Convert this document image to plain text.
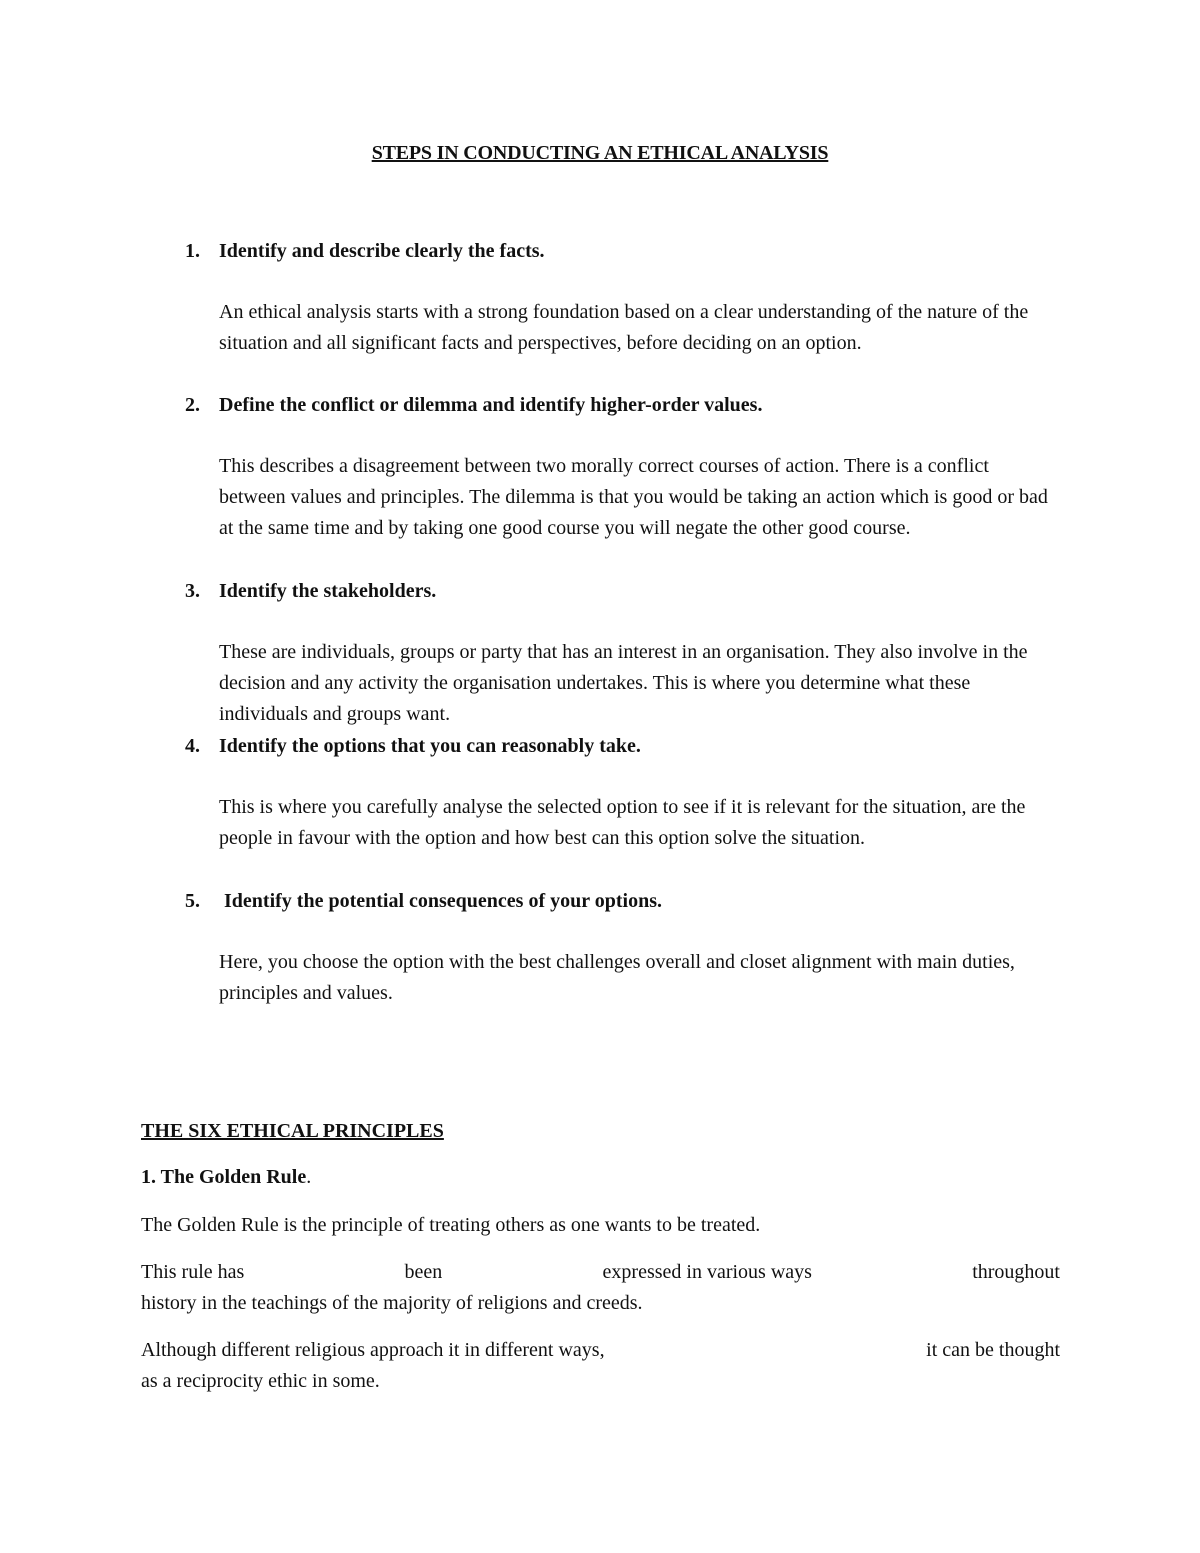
STEPS IN CONDUCTING AN ETHICAL ANALYSIS
1. Identify and describe clearly the facts.
An ethical analysis starts with a strong foundation based on a clear understanding of the nature of the situation and all significant facts and perspectives, before deciding on an option.
2. Define the conflict or dilemma and identify higher-order values.
This describes a disagreement between two morally correct courses of action. There is a conflict between values and principles. The dilemma is that you would be taking an action which is good or bad at the same time and by taking one good course you will negate the other good course.
3. Identify the stakeholders.
These are individuals, groups or party that has an interest in an organisation. They also involve in the decision and any activity the organisation undertakes. This is where you determine what these individuals and groups want.
4. Identify the options that you can reasonably take.
This is where you carefully analyse the selected option to see if it is relevant for the situation, are the people in favour with the option and how best can this option solve the situation.
5. Identify the potential consequences of your options.
Here, you choose the option with the best challenges overall and closet alignment with main duties, principles and values.
THE SIX ETHICAL PRINCIPLES
1. The Golden Rule.
The Golden Rule is the principle of treating others as one wants to be treated.
This rule has	been	expressed in various ways	throughout
history in the teachings of the majority of religions and creeds.
Although different religious approach it in different ways,	it can be thought
as a reciprocity ethic in some.
